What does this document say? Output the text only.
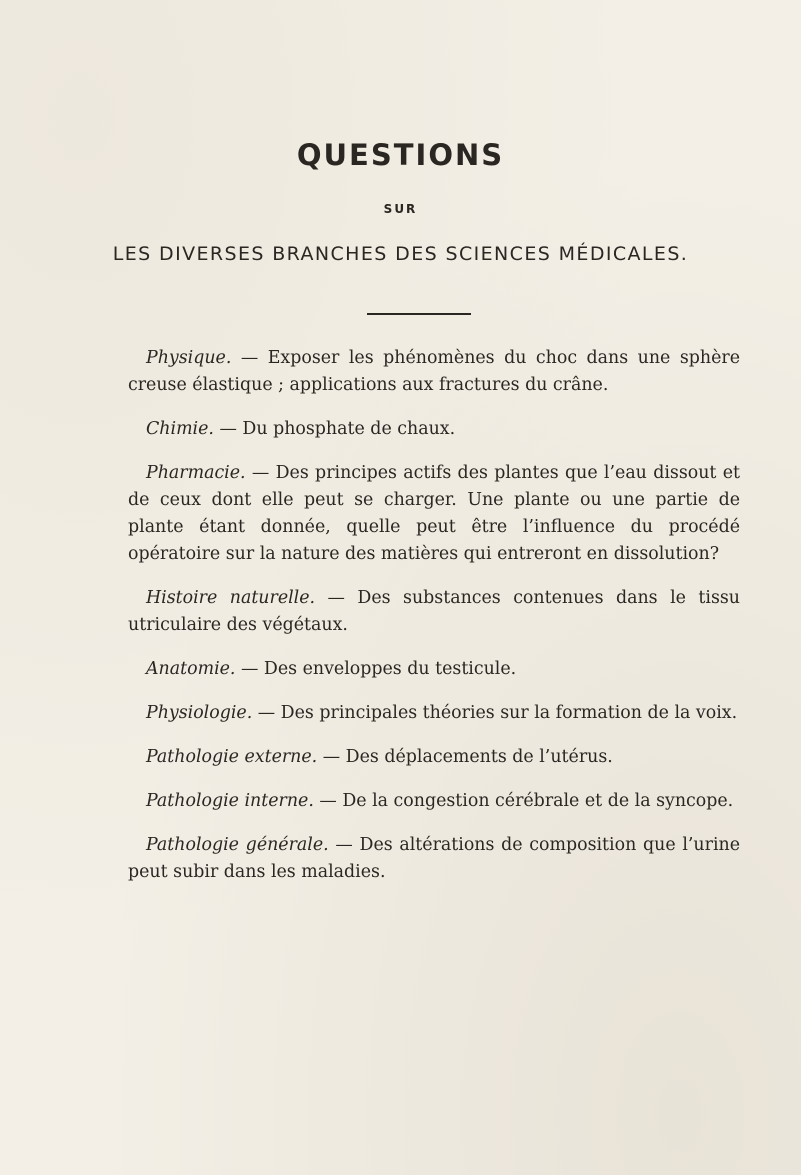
QUESTIONS
SUR
LES DIVERSES BRANCHES DES SCIENCES MÉDICALES.

Physique. — Exposer les phénomènes du choc dans une sphère creuse élastique ; applications aux fractures du crâne.

Chimie. — Du phosphate de chaux.

Pharmacie. — Des principes actifs des plantes que l’eau dissout et de ceux dont elle peut se charger. Une plante ou une partie de plante étant donnée, quelle peut être l’influence du procédé opératoire sur la nature des matières qui entreront en dissolution?

Histoire naturelle. — Des substances contenues dans le tissu utriculaire des végétaux.

Anatomie. — Des enveloppes du testicule.

Physiologie. — Des principales théories sur la formation de la voix.

Pathologie externe. — Des déplacements de l’utérus.

Pathologie interne. — De la congestion cérébrale et de la syncope.

Pathologie générale. — Des altérations de composition que l’urine peut subir dans les maladies.
